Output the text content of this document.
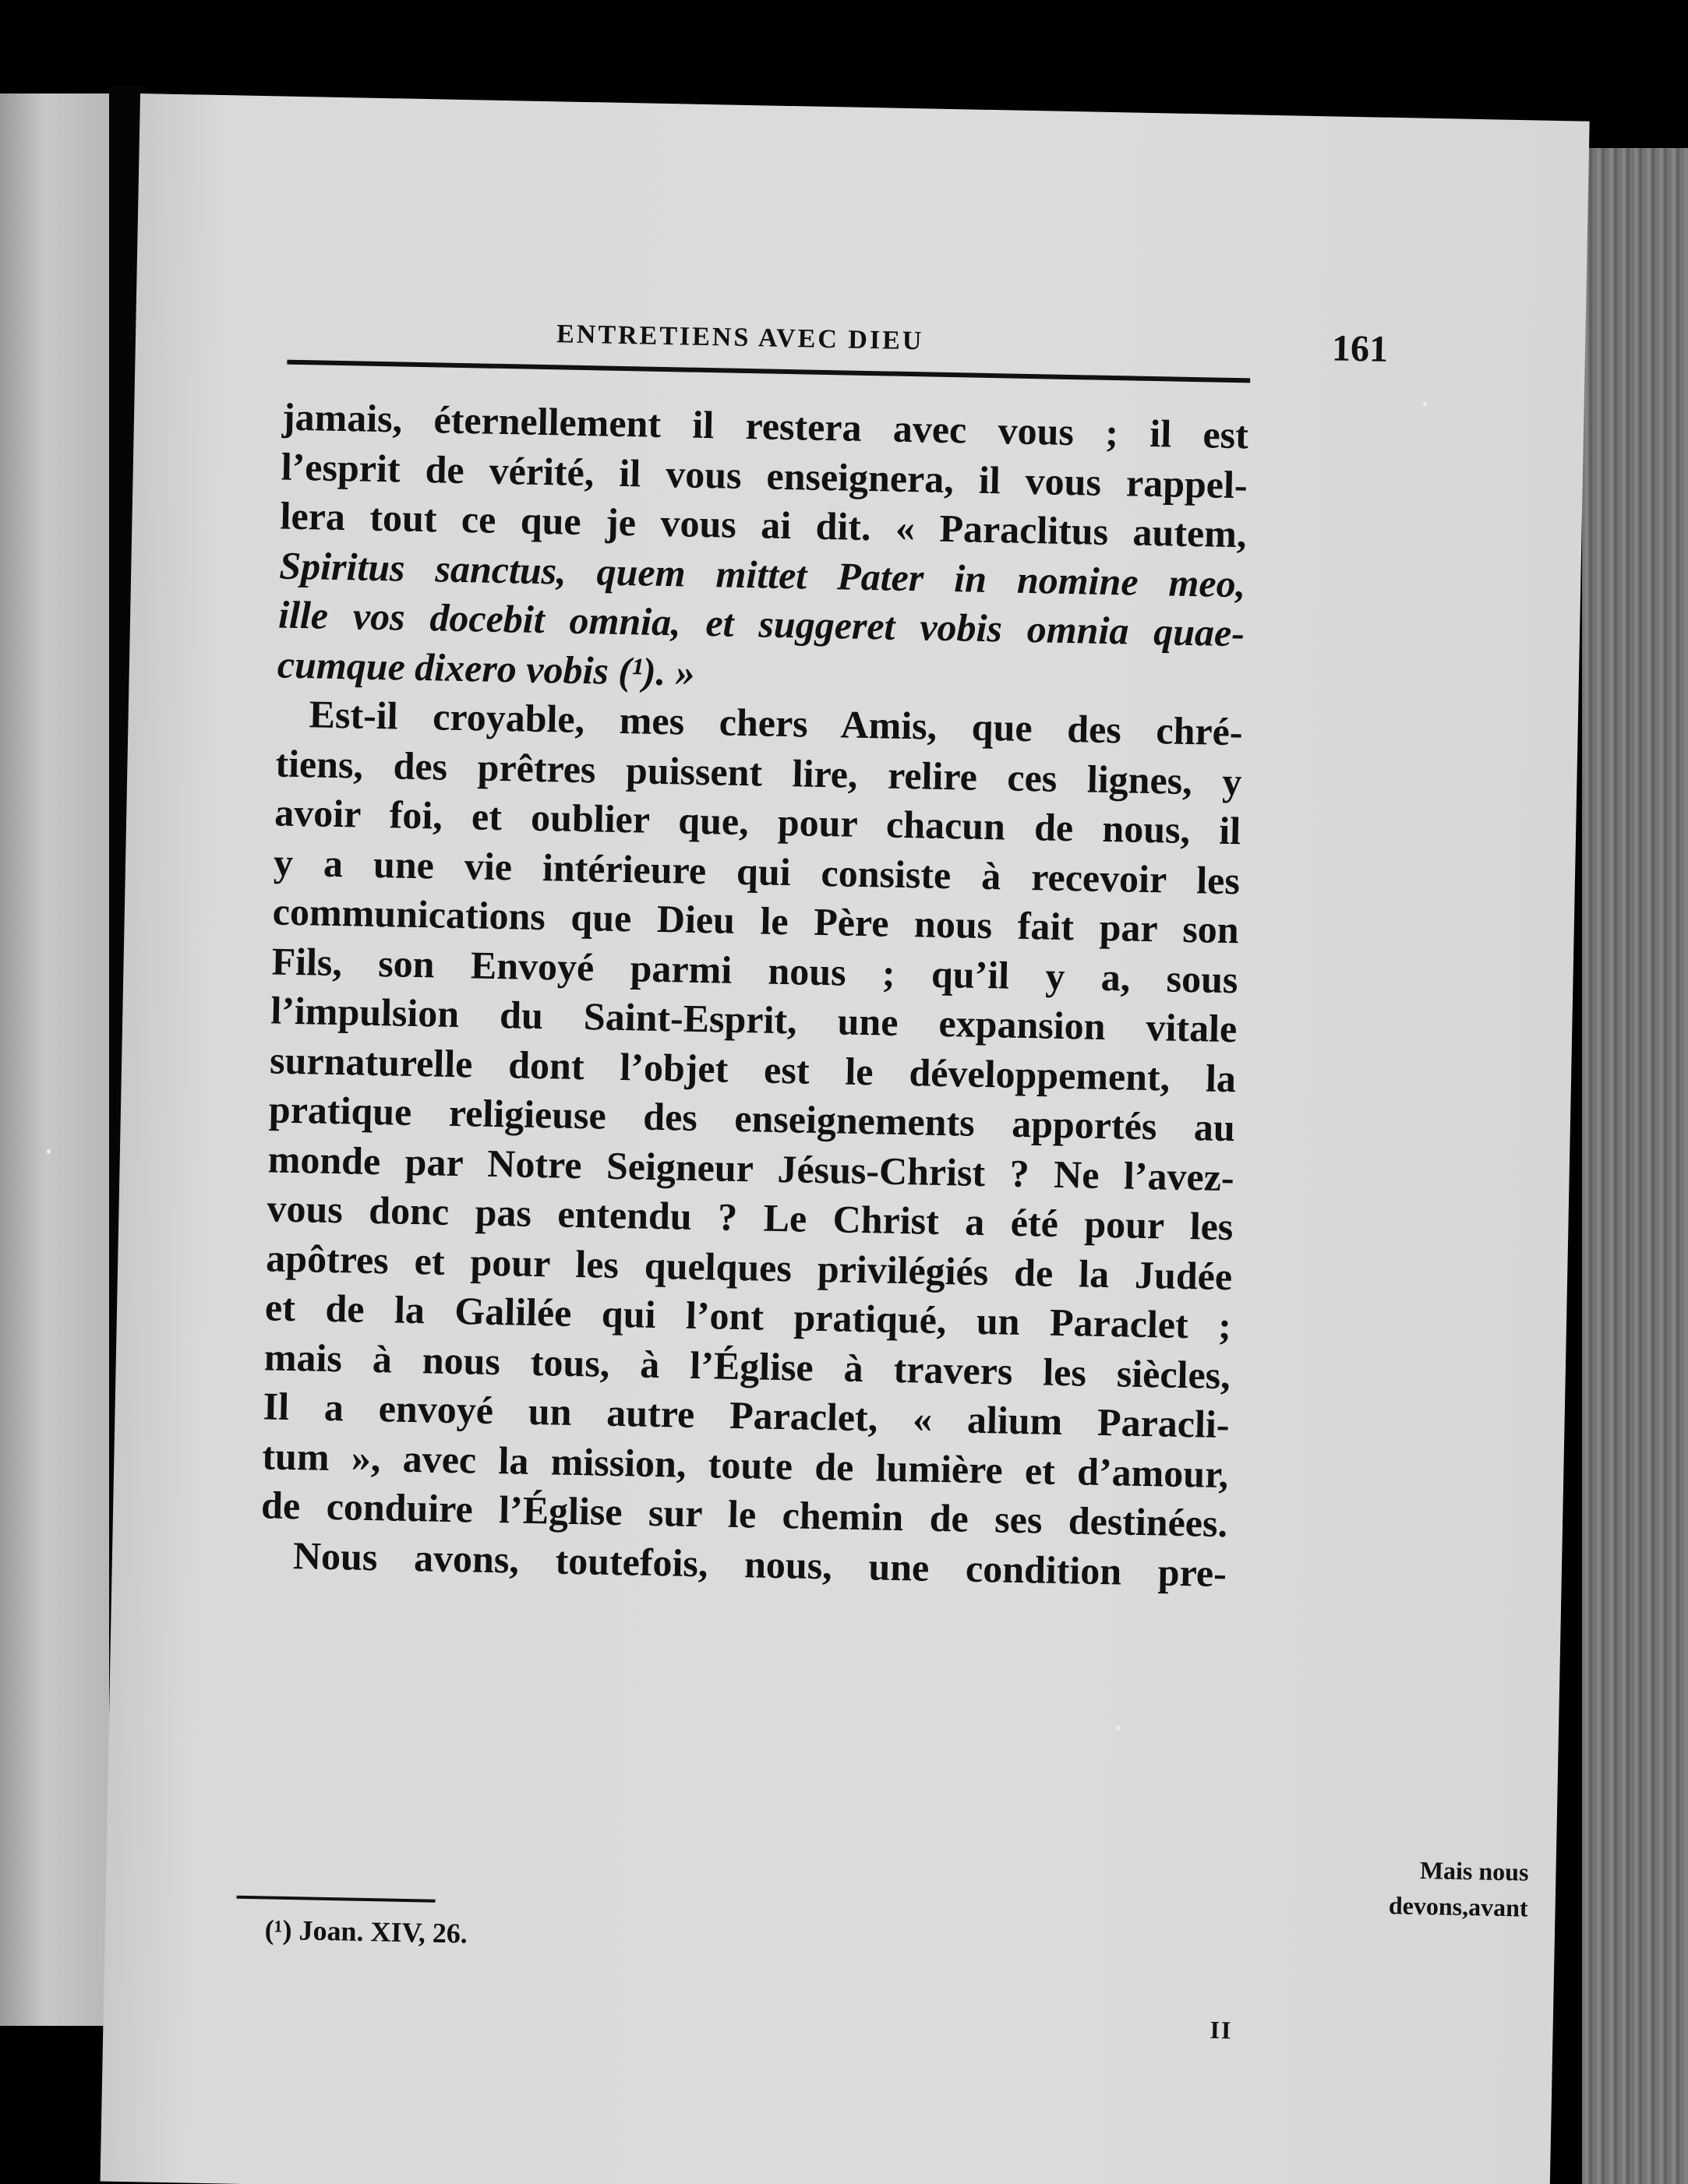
ENTRETIENS AVEC DIEU	161
jamais, éternellement il restera avec vous ; il est
l’esprit de vérité, il vous enseignera, il vous rappel-
lera tout ce que je vous ai dit. « Paraclitus autem,
Spiritus sanctus, quem mittet Pater in nomine meo,
ille vos docebit omnia, et suggeret vobis omnia quae-
cumque dixero vobis (¹). »
Est-il croyable, mes chers Amis, que des chré-
tiens, des prêtres puissent lire, relire ces lignes, y
avoir foi, et oublier que, pour chacun de nous, il
y a une vie intérieure qui consiste à recevoir les
communications que Dieu le Père nous fait par son
Fils, son Envoyé parmi nous ; qu’il y a, sous
l’impulsion du Saint-Esprit, une expansion vitale
surnaturelle dont l’objet est le développement, la
pratique religieuse des enseignements apportés au
monde par Notre Seigneur Jésus-Christ ? Ne l’avez-
vous donc pas entendu ? Le Christ a été pour les
apôtres et pour les quelques privilégiés de la Judée
et de la Galilée qui l’ont pratiqué, un Paraclet ;
mais à nous tous, à l’Église à travers les siècles,
Il a envoyé un autre Paraclet, « alium Paracli-
tum », avec la mission, toute de lumière et d’amour,
de conduire l’Église sur le chemin de ses destinées.
Nous avons, toutefois, nous, une condition pre-
(¹) Joan. XIV, 26.
II
Mais nous
devons,avant
